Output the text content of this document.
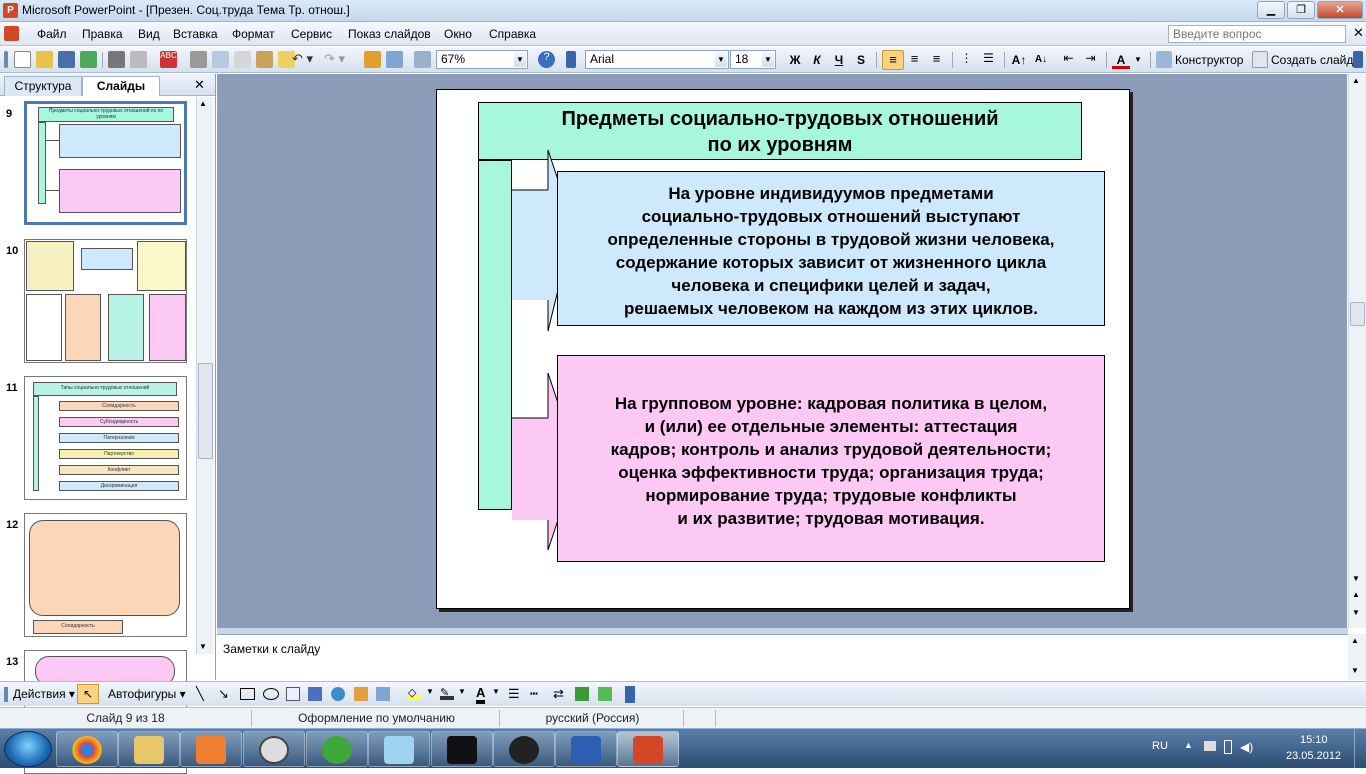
P Microsoft PowerPoint - [Презен. Соц.труда Тема Тр. отнош.]	▁	❐	✕
Файл Правка Вид Вставка Формат Сервис Показ слайдов Окно Справка	✕
Введите вопрос
ABC	↶ ▾ ↷ ▾	67%	▼	?	Arial	▼ 18 ▼ Ж	К	Ч	S	≡	≡	≡	⋮ ☰ A↑ A↓ ⇤ ⇥	A	▼	Конструктор Создать слайд
Структура	Слайды	✕
9	Предметы социально-трудовых отношений по их уровням
10
11	Типы социально-трудовых отношений
Солидарность
Субсидиарность
Патернализм
Партнерство
Конфликт
Дискриминация
12
Солидарность
13
▲
▼
▲
▼
▲
▼
Предметы социально-трудовых отношений
по их уровням
На уровне индивидуумов предметами
социально-трудовых отношений выступают
определенные стороны в трудовой жизни человека,
содержание которых зависит от жизненного цикла
человека и специфики целей и задач,
решаемых человеком на каждом из этих циклов.
На групповом уровне: кадровая политика в целом,
и (или) ее отдельные элементы: аттестация
кадров; контроль и анализ трудовой деятельности;
оценка эффективности труда; организация труда;
нормирование труда; трудовые конфликты
и их развитие; трудовая мотивация.
Заметки к слайду
▲
▼
Действия ▾ ↖	Автофигуры ▾ ╲ ↘	◇	▼ ✎	▼ A ▼ ☰ ┅ ⇄
Слайд 9 из 18	Оформление по умолчанию	русский (Россия)
RU ▲	◀)	15:10
23.05.2012
